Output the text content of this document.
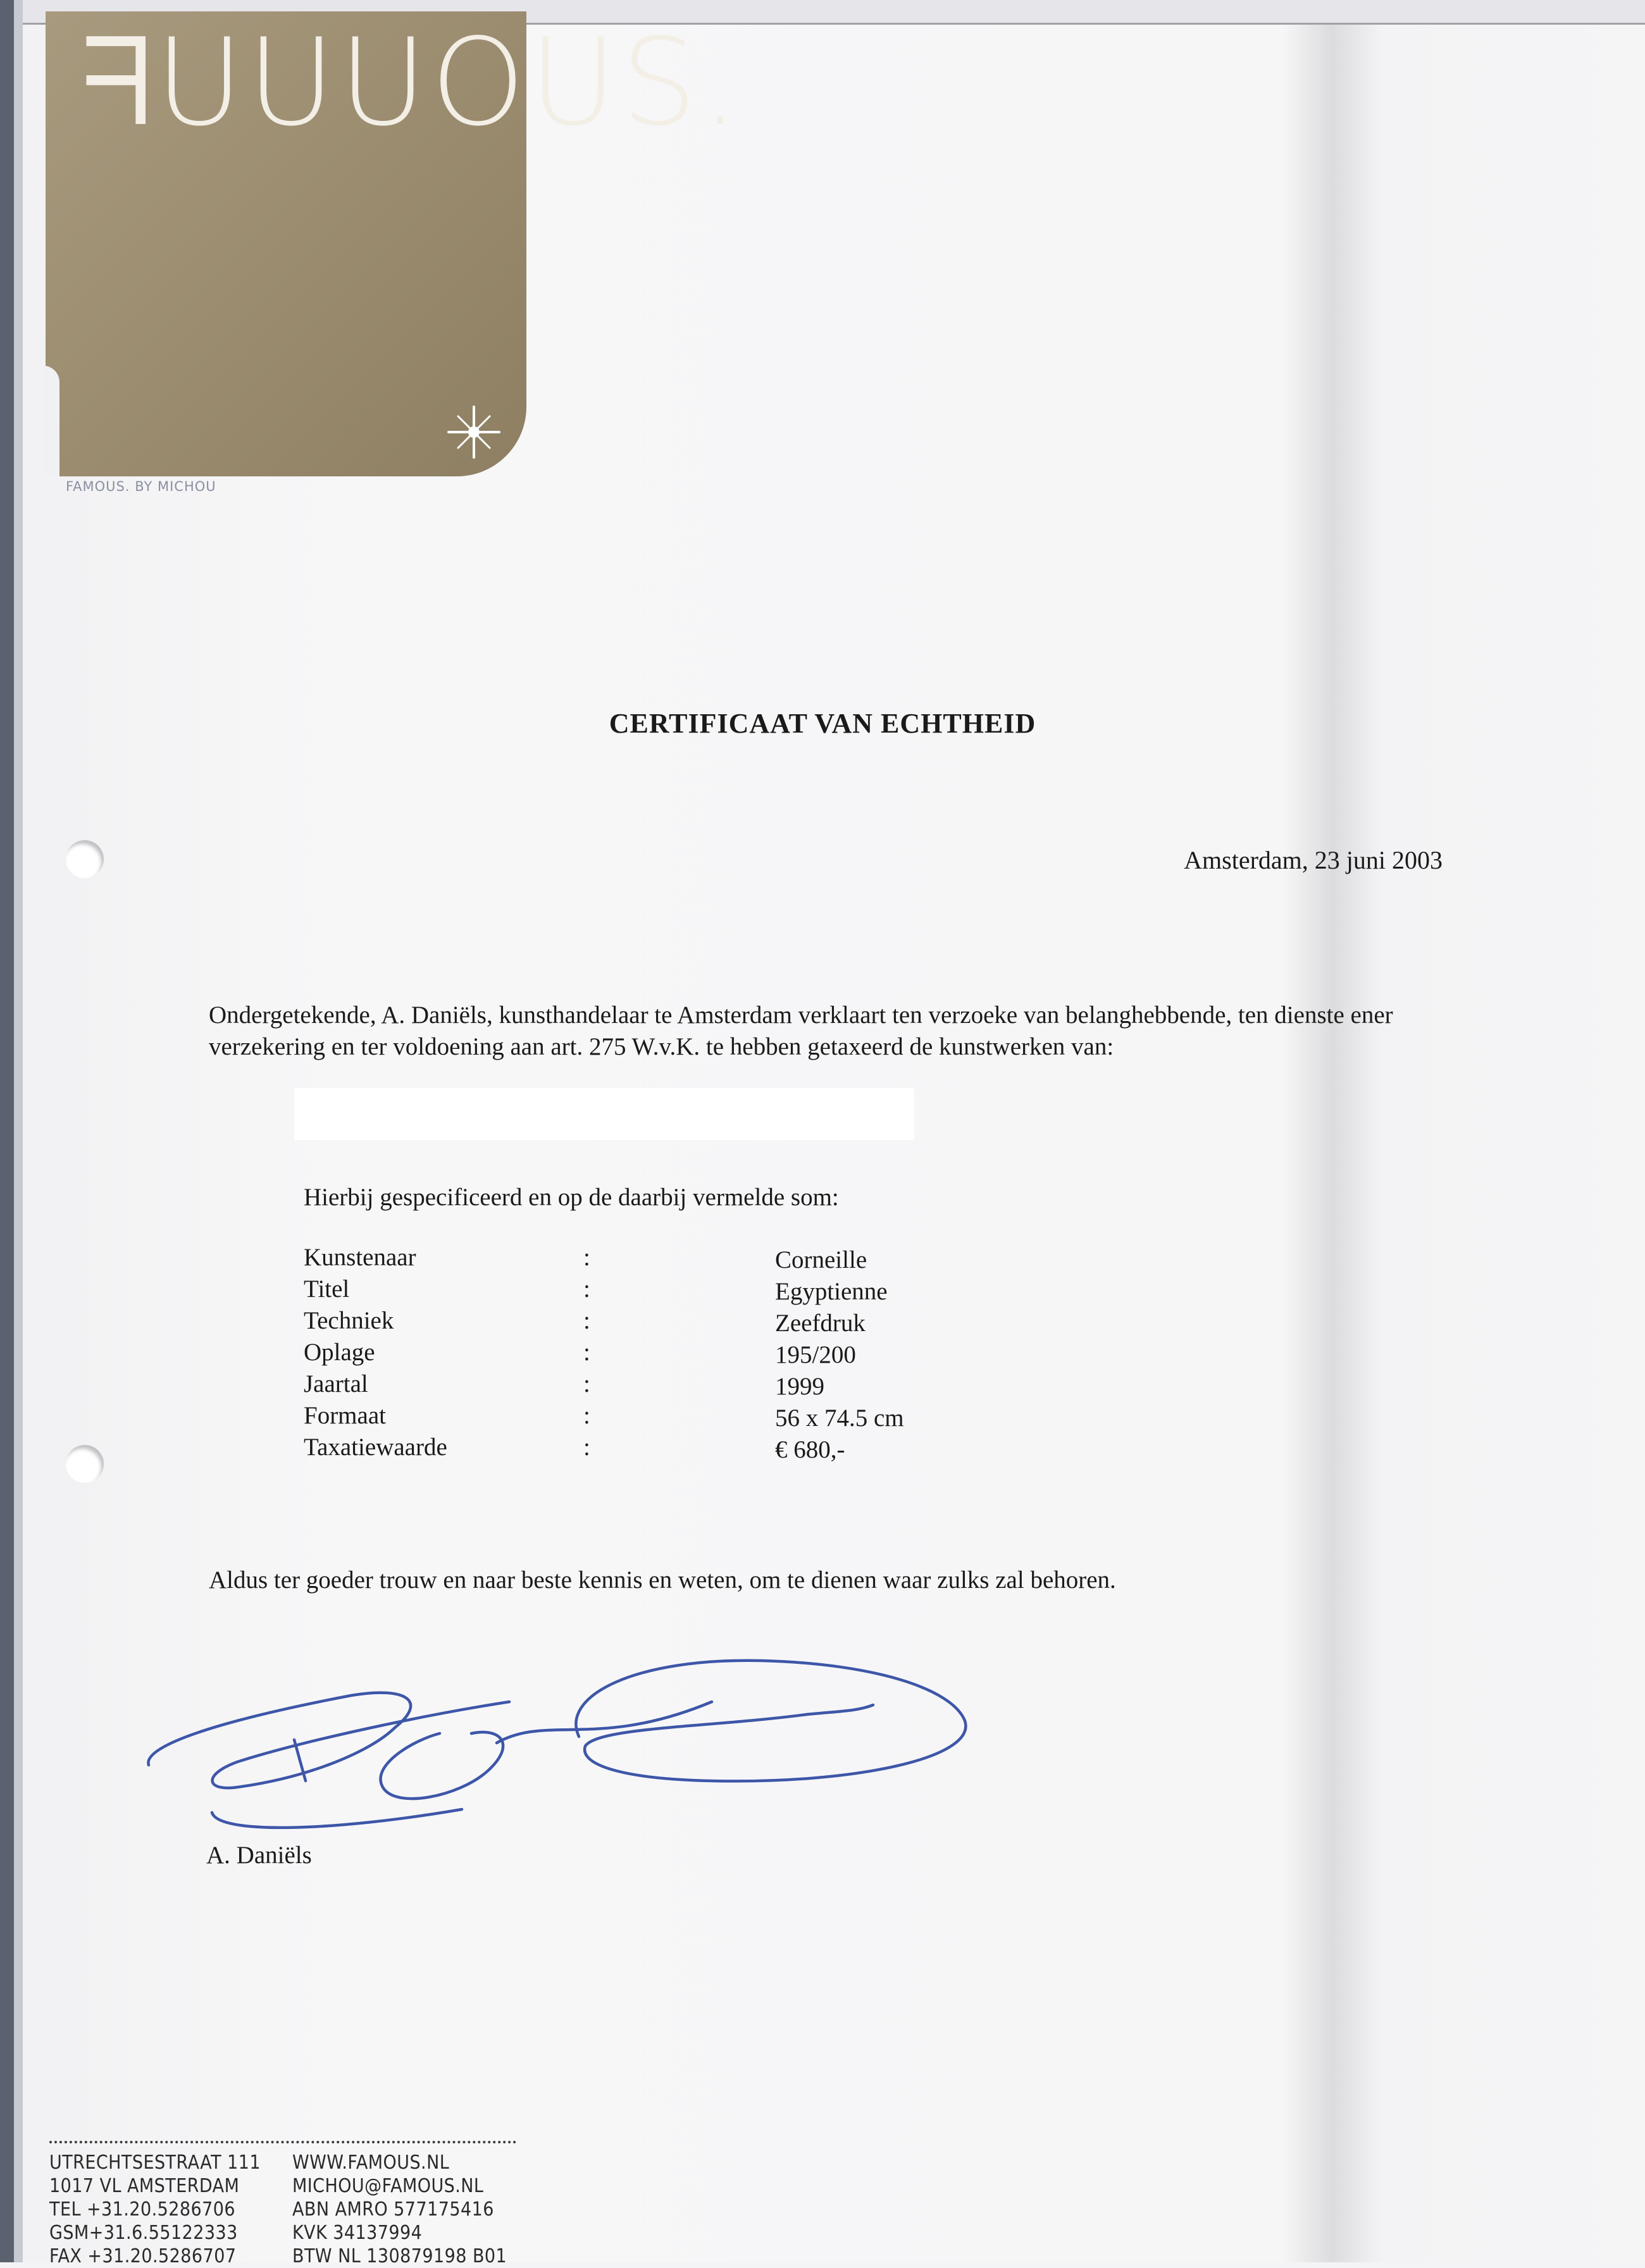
ᖷUUUOUS.
FAMOUS. BY MICHOU
CERTIFICAAT VAN ECHTHEID
Amsterdam, 23 juni 2003
Ondergetekende, A. Daniëls, kunsthandelaar te Amsterdam verklaart ten verzoeke van belanghebbende, ten dienste ener verzekering en ter voldoening aan art. 275 W.v.K. te hebben getaxeerd de kunstwerken van:
Hierbij gespecificeerd en op de daarbij vermelde som:
Kunstenaar	:	Corneille
Titel	:	Egyptienne
Techniek	:	Zeefdruk
Oplage	:	195/200
Jaartal	:	1999
Formaat	:	56 x 74.5 cm
Taxatiewaarde	:	€ 680,-
Aldus ter goeder trouw en naar beste kennis en weten, om te dienen waar zulks zal behoren.
A. Daniëls
UTRECHTSESTRAAT 111
1017 VL AMSTERDAM
TEL +31.20.5286706
GSM+31.6.55122333
FAX +31.20.5286707
WWW.FAMOUS.NL
MICHOU@FAMOUS.NL
ABN AMRO 577175416
KVK 34137994
BTW NL 130879198 B01
